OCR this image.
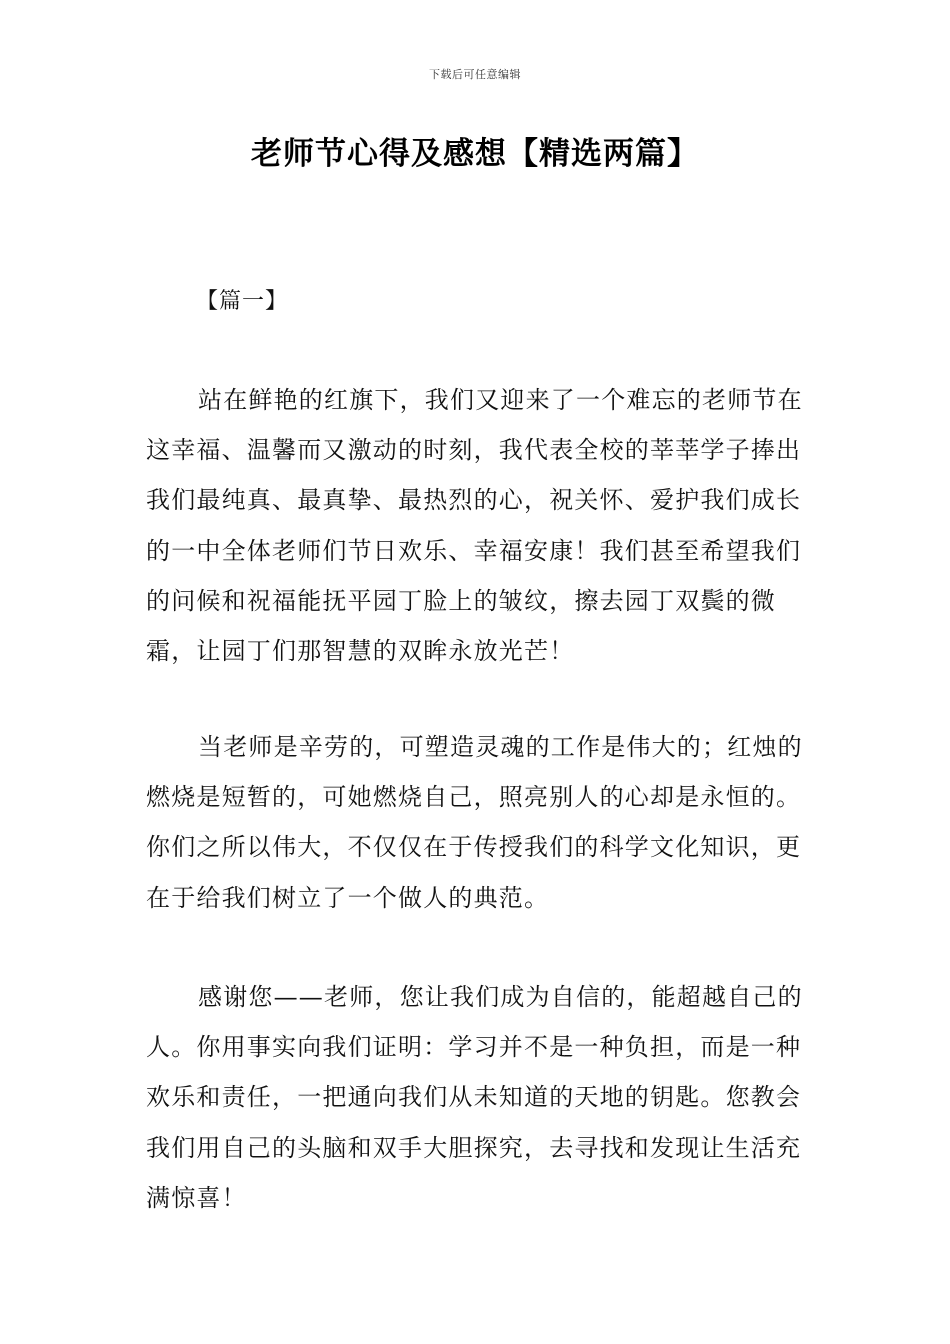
下载后可任意编辑
老师节心得及感想【精选两篇】
【篇一】

站在鲜艳的红旗下，我们又迎来了一个难忘的老师节在这幸福、温馨而又激动的时刻，我代表全校的莘莘学子捧出我们最纯真、最真挚、最热烈的心，祝关怀、爱护我们成长的一中全体老师们节日欢乐、幸福安康！我们甚至希望我们的问候和祝福能抚平园丁脸上的皱纹，擦去园丁双鬓的微霜，让园丁们那智慧的双眸永放光芒！

当老师是辛劳的，可塑造灵魂的工作是伟大的；红烛的燃烧是短暂的，可她燃烧自己，照亮别人的心却是永恒的。你们之所以伟大，不仅仅在于传授我们的科学文化知识，更在于给我们树立了一个做人的典范。

感谢您——老师，您让我们成为自信的，能超越自己的人。你用事实向我们证明：学习并不是一种负担，而是一种欢乐和责任，一把通向我们从未知道的天地的钥匙。您教会我们用自己的头脑和双手大胆探究，去寻找和发现让生活充满惊喜！
